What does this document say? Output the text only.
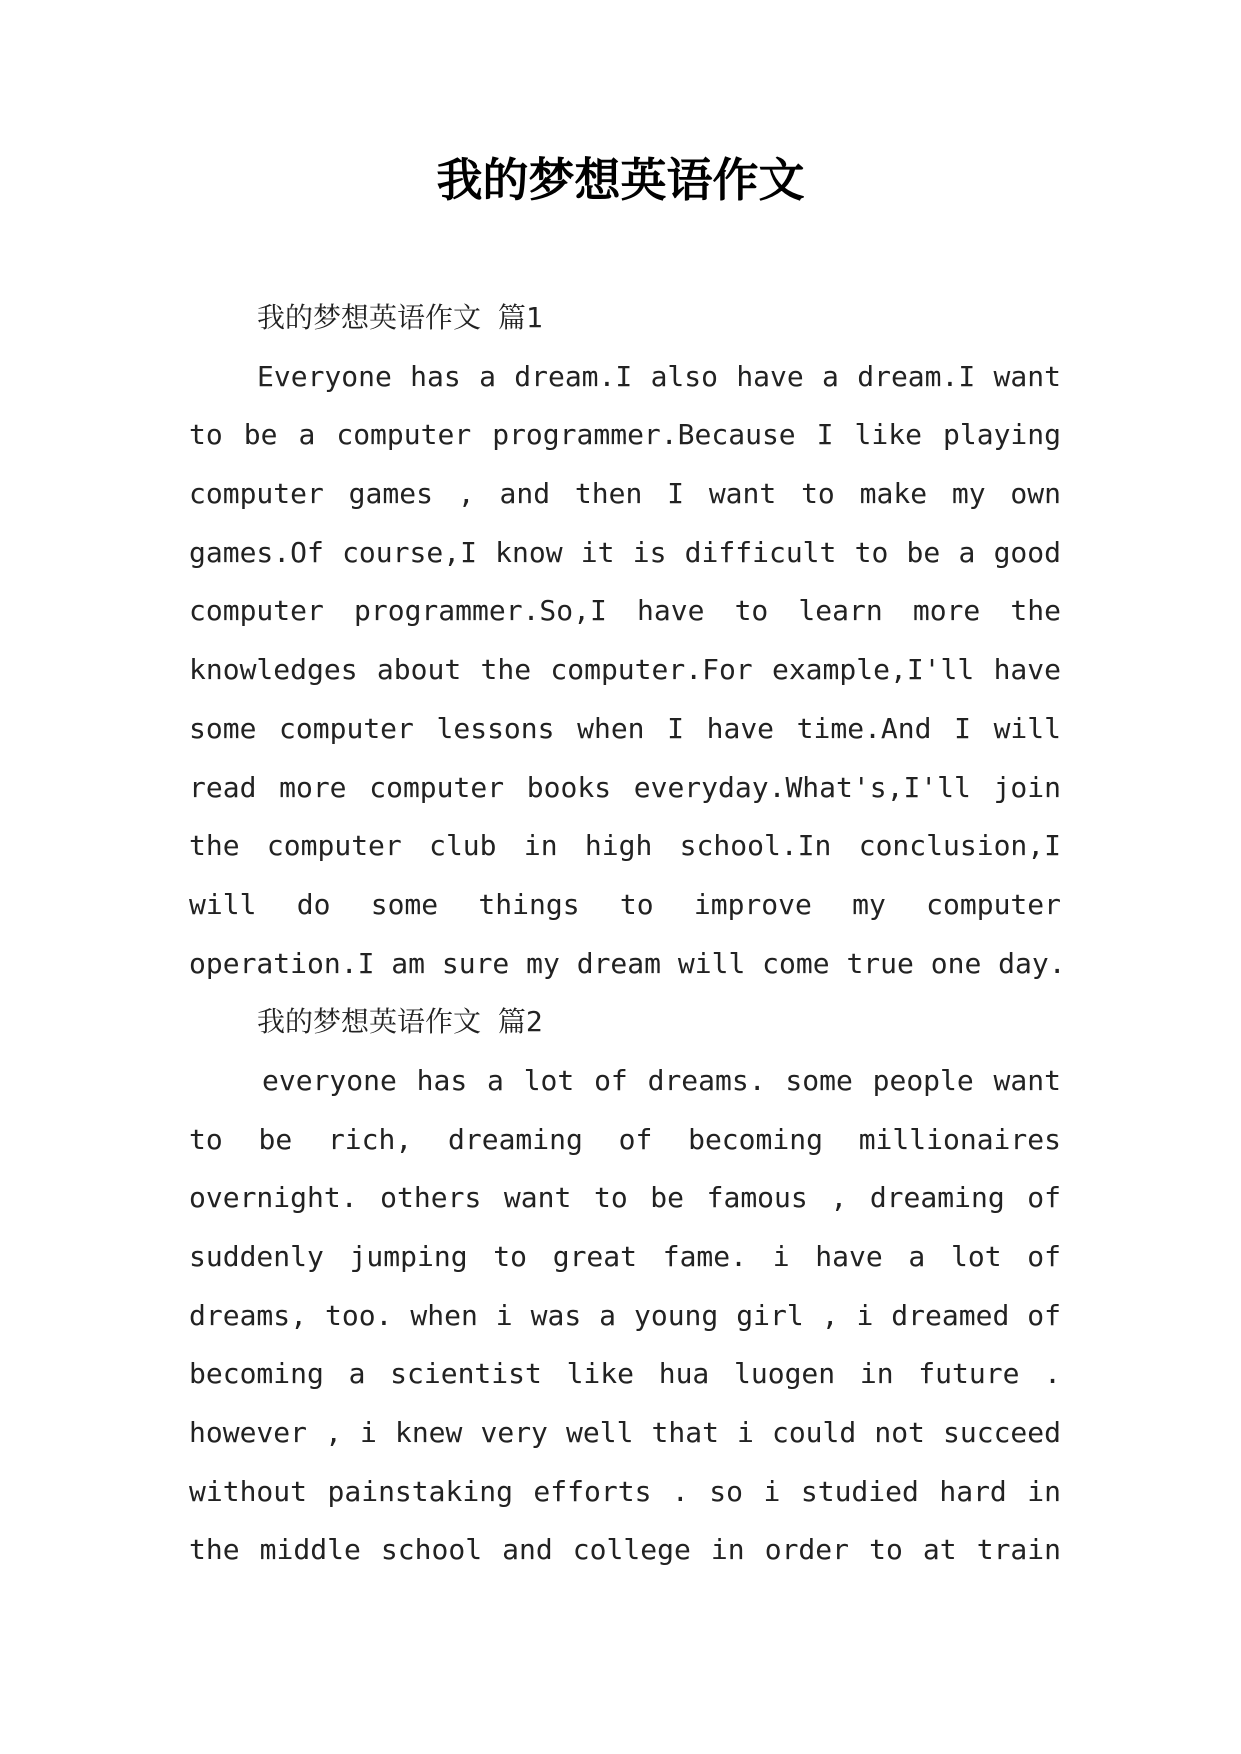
我的梦想英语作文
我的梦想英语作文 篇1

Everyone has a dream.I also have a dream.I want

to be a computer programmer.Because I like playing

computer games , and then I want to make my own

games.Of course,I know it is difficult to be a good

computer programmer.So,I have to learn more the

knowledges about the computer.For example,I'll have

some computer lessons when I have time.And I will

read more computer books everyday.What's,I'll join

the computer club in high school.In conclusion,I

will do some things to improve my computer

operation.I am sure my dream will come true one day.

我的梦想英语作文 篇2

everyone has a lot of dreams. some people want

to be rich, dreaming of becoming millionaires

overnight. others want to be famous , dreaming of

suddenly jumping to great fame. i have a lot of

dreams, too. when i was a young girl , i dreamed of

becoming a scientist like hua luogen in future .

however , i knew very well that i could not succeed

without painstaking efforts . so i studied hard in

the middle school and college in order to at train
